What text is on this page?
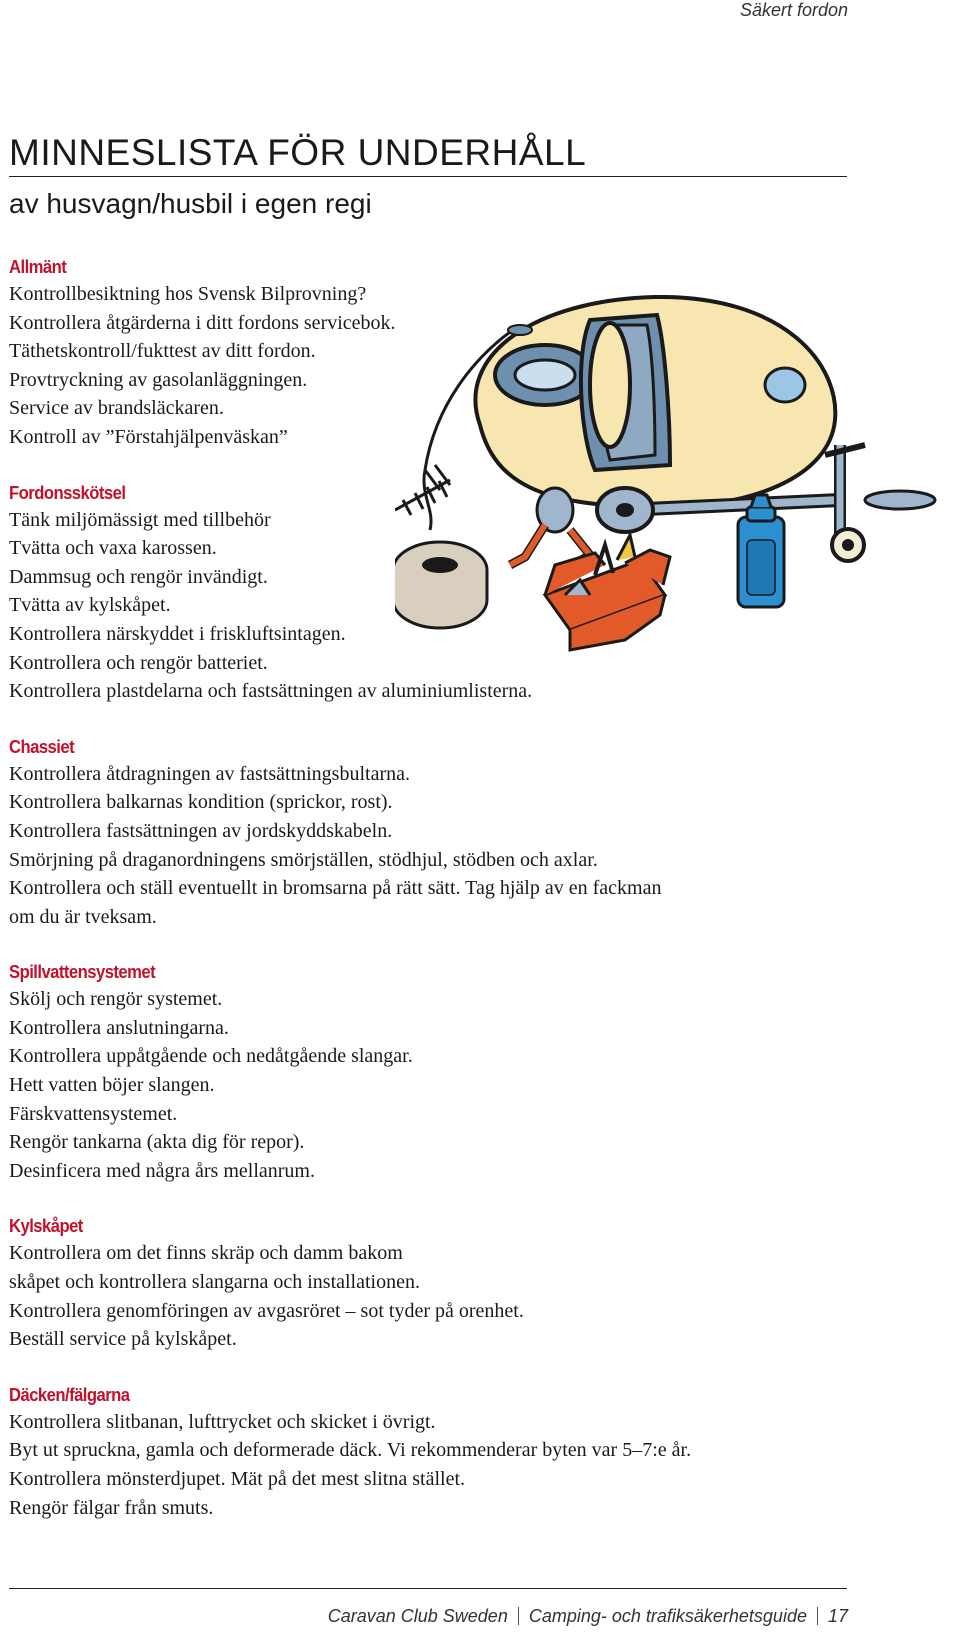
Säkert fordon
MINNESLISTA FÖR UNDERHÅLL
av husvagn/husbil i egen regi
Allmänt
Kontrollbesiktning hos Svensk Bilprovning?
Kontrollera åtgärderna i ditt fordons servicebok.
Täthetskontroll/fukttest av ditt fordon.
Provtryckning av gasolanläggningen.
Service av brandsläckaren.
Kontroll av ”Förstahjälpenväskan”
Fordonsskötsel
Tänk miljömässigt med tillbehör
Tvätta och vaxa karossen.
Dammsug och rengör invändigt.
Tvätta av kylskåpet.
Kontrollera närskyddet i friskluftsintagen.
Kontrollera och rengör batteriet.
Kontrollera plastdelarna och fastsättningen av aluminiumlisterna.
Chassiet
Kontrollera åtdragningen av fastsättningsbultarna.
Kontrollera balkarnas kondition (sprickor, rost).
Kontrollera fastsättningen av jordskyddskabeln.
Smörjning på draganordningens smörjställen, stödhjul, stödben och axlar.
Kontrollera och ställ eventuellt in bromsarna på rätt sätt. Tag hjälp av en fackman
om du är tveksam.
Spillvattensystemet
Skölj och rengör systemet.
Kontrollera anslutningarna.
Kontrollera uppåtgående och nedåtgående slangar.
Hett vatten böjer slangen.
Färskvattensystemet.
Rengör tankarna (akta dig för repor).
Desinficera med några års mellanrum.
Kylskåpet
Kontrollera om det finns skräp och damm bakom
skåpet och kontrollera slangarna och installationen.
Kontrollera genomföringen av avgasröret – sot tyder på orenhet.
Beställ service på kylskåpet.
Däcken/fälgarna
Kontrollera slitbanan, lufttrycket och skicket i övrigt.
Byt ut spruckna, gamla och deformerade däck. Vi rekommenderar byten var 5–7:e år.
Kontrollera mönsterdjupet. Mät på det mest slitna stället.
Rengör fälgar från smuts.
Caravan Club Sweden Camping- och trafiksäkerhetsguide 17
